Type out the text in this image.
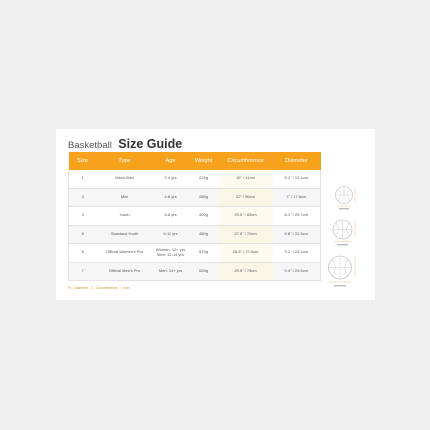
Basketball Size Guide
Size	Type	Age	Weight	Circumference	Diameter
1	Micro-Mini	2-4 yrs	225g	16" / 41cm	5.1" / 13.1cm
3	Mini	4-8 yrs	285g	22" / 56cm	7" / 17.8cm
4	Youth	5-8 yrs	400g	25.5" / 65cm	8.1" / 20.7cm
5	Standard Youth	9-11 yrs	480g	27.5" / 70cm	8.6" / 22.3cm
6	Official Women's Pro	Women: 12+ yrs
Men: 12-14 yrs	575g	28.5" / 72.5cm	9.1" / 23.1cm
7	Official Men's Pro	Men: 14+ yrs	620g	29.5" / 75cm	9.4" / 23.4cm
*D - Diameter , C - Circumference, " - inch
